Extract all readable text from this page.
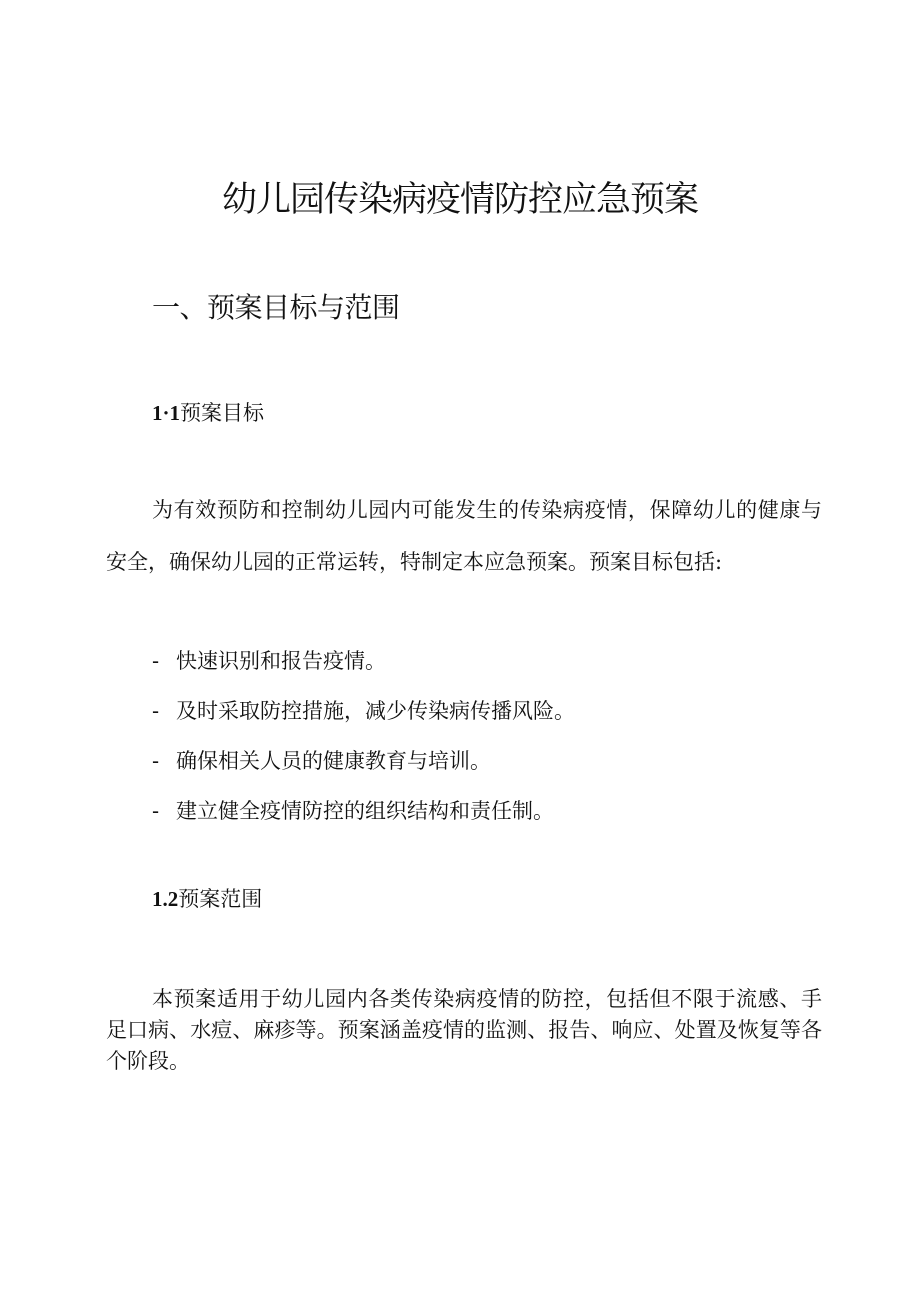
幼儿园传染病疫情防控应急预案
一、预案目标与范围
1·1预案目标

为有效预防和控制幼儿园内可能发生的传染病疫情，保障幼儿的健康与安全，确保幼儿园的正常运转，特制定本应急预案。预案目标包括:

- 快速识别和报告疫情。
- 及时采取防控措施，减少传染病传播风险。
- 确保相关人员的健康教育与培训。
- 建立健全疫情防控的组织结构和责任制。
1.2预案范围

本预案适用于幼儿园内各类传染病疫情的防控，包括但不限于流感、手足口病、水痘、麻疹等。预案涵盖疫情的监测、报告、响应、处置及恢复等各个阶段。
